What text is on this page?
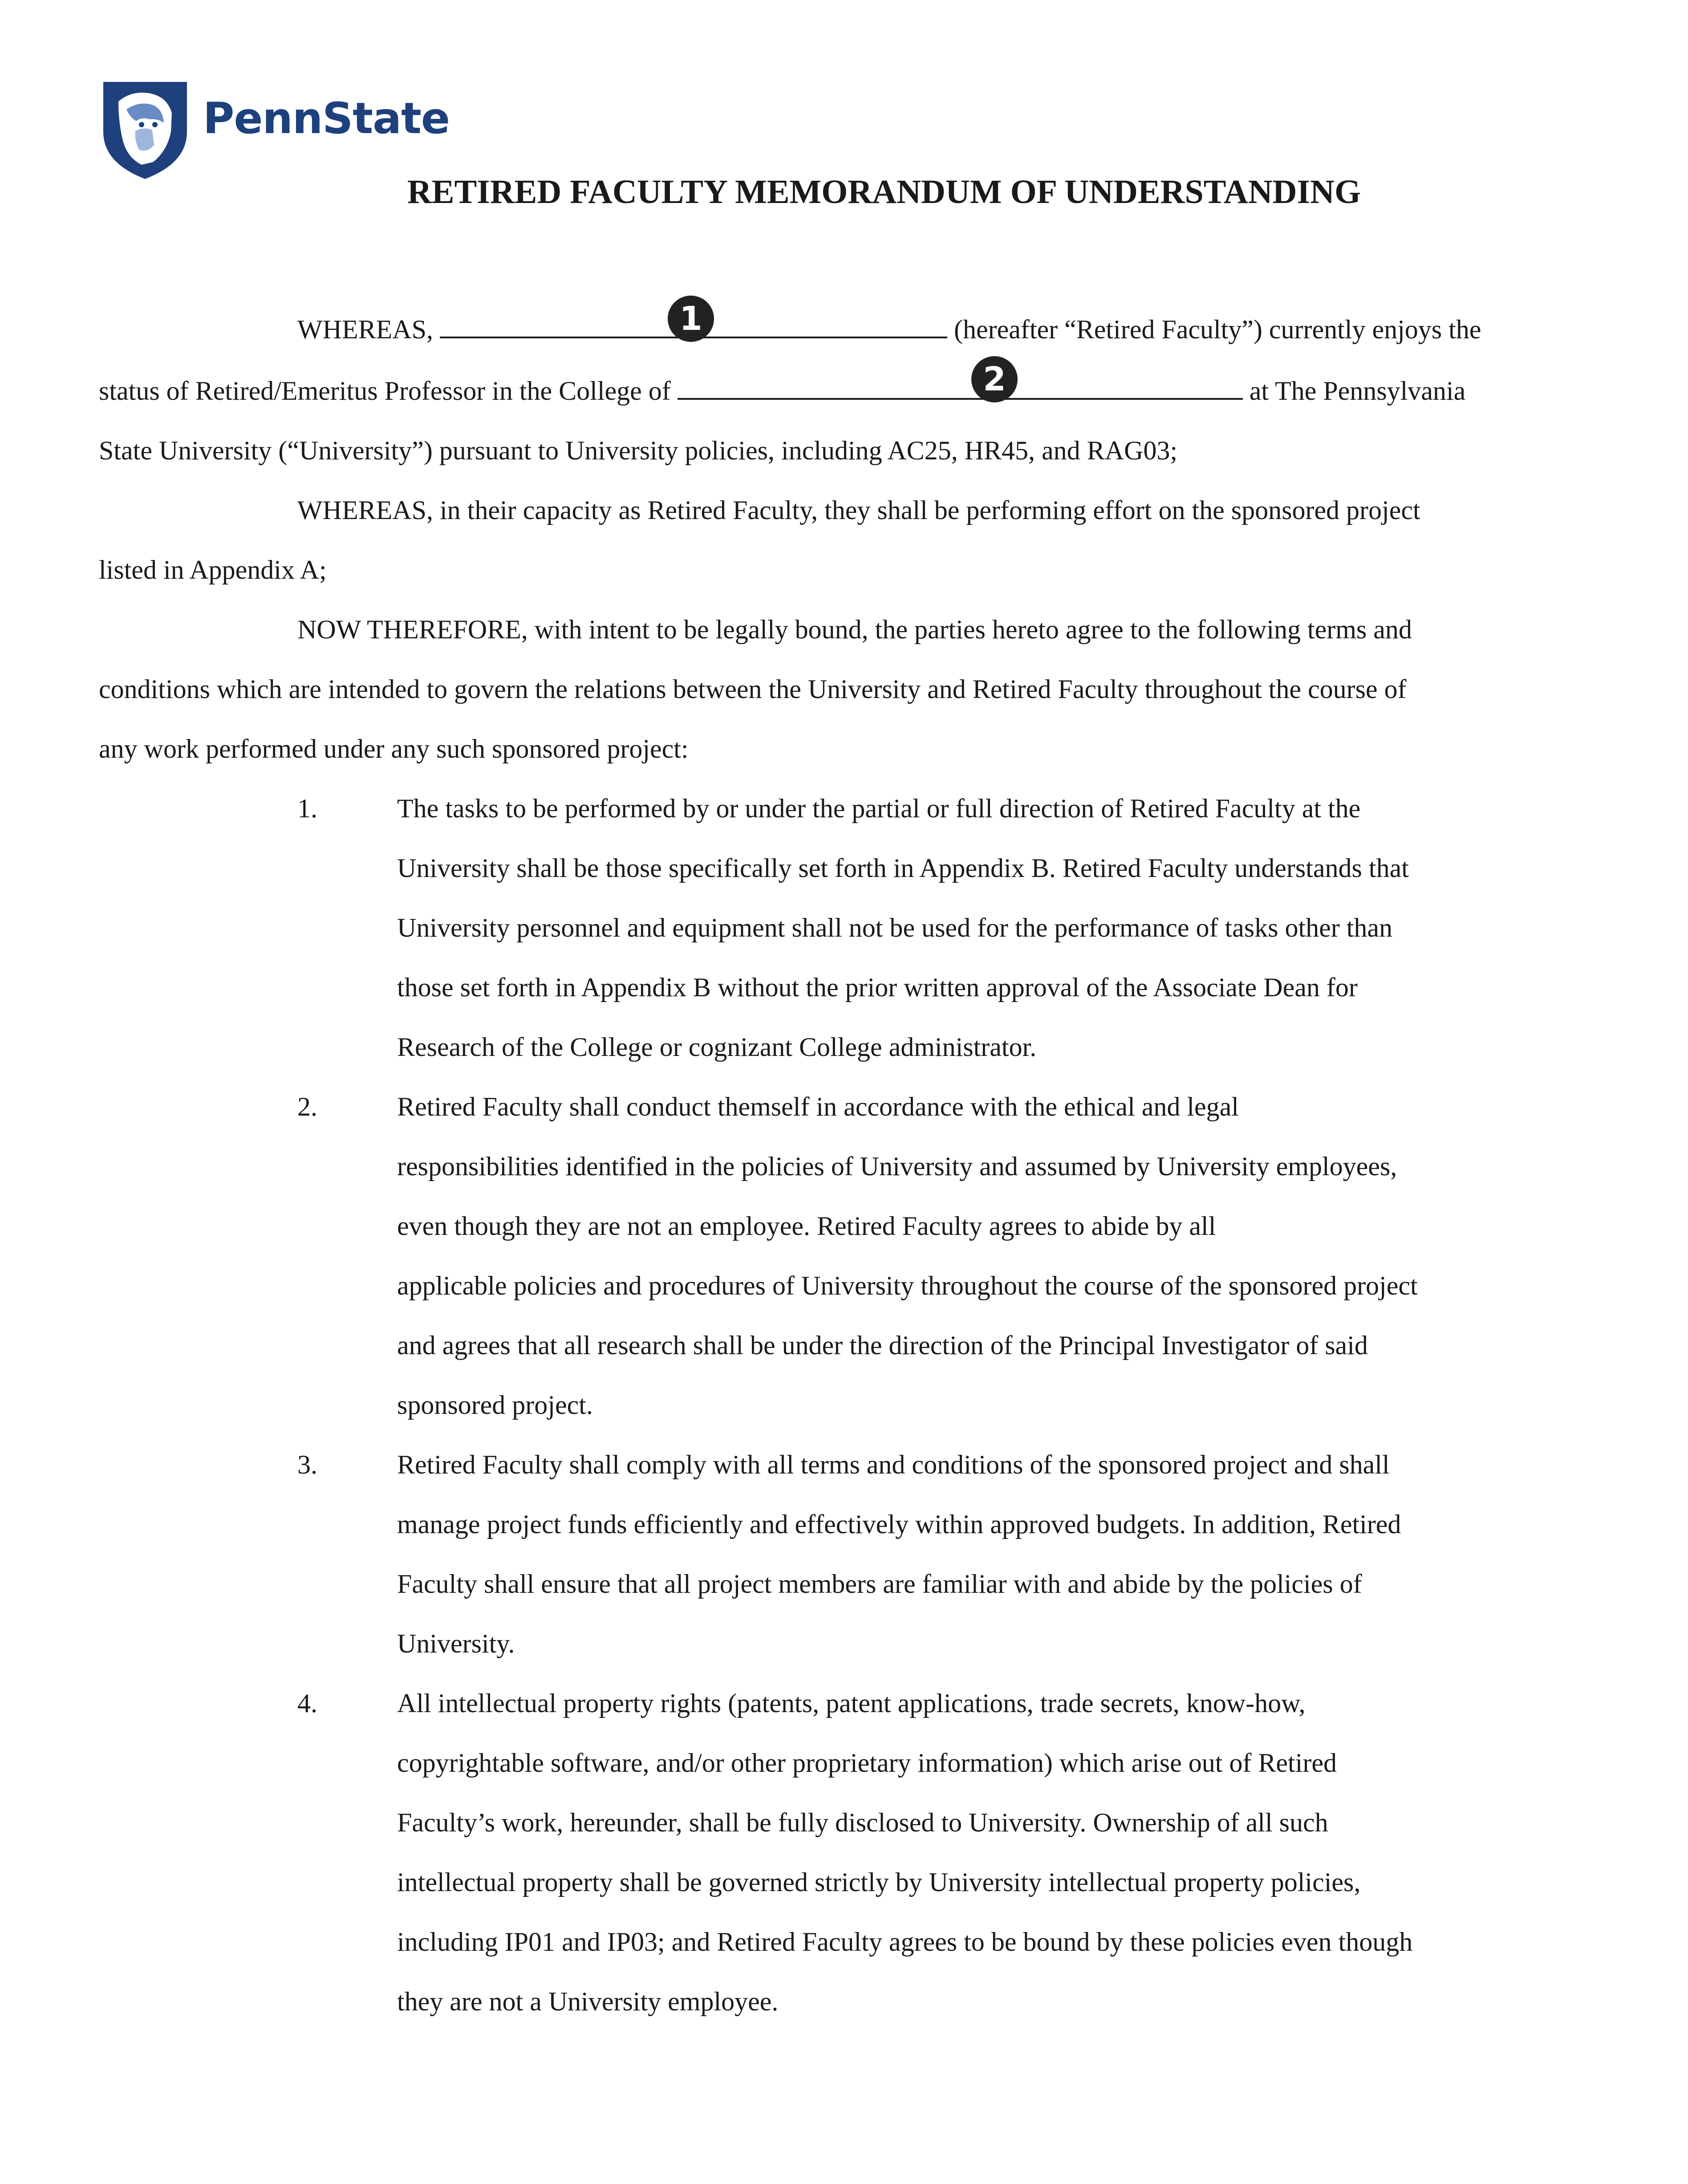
PennState
RETIRED FACULTY MEMORANDUM OF UNDERSTANDING
WHEREAS,	(hereafter “Retired Faculty”) currently enjoys the
1
status of Retired/Emeritus Professor in the College of	at The Pennsylvania
2
State University (“University”) pursuant to University policies, including AC25, HR45, and RAG03;
WHEREAS, in their capacity as Retired Faculty, they shall be performing effort on the sponsored project
listed in Appendix A;
NOW THEREFORE, with intent to be legally bound, the parties hereto agree to the following terms and
conditions which are intended to govern the relations between the University and Retired Faculty throughout the course of
any work performed under any such sponsored project:
1.	The tasks to be performed by or under the partial or full direction of Retired Faculty at the
University shall be those specifically set forth in Appendix B. Retired Faculty understands that
University personnel and equipment shall not be used for the performance of tasks other than
those set forth in Appendix B without the prior written approval of the Associate Dean for
Research of the College or cognizant College administrator.
2.	Retired Faculty shall conduct themself in accordance with the ethical and legal
responsibilities identified in the policies of University and assumed by University employees,
even though they are not an employee. Retired Faculty agrees to abide by all
applicable policies and procedures of University throughout the course of the sponsored project
and agrees that all research shall be under the direction of the Principal Investigator of said
sponsored project.
3.	Retired Faculty shall comply with all terms and conditions of the sponsored project and shall
manage project funds efficiently and effectively within approved budgets. In addition, Retired
Faculty shall ensure that all project members are familiar with and abide by the policies of
University.
4.	All intellectual property rights (patents, patent applications, trade secrets, know-how,
copyrightable software, and/or other proprietary information) which arise out of Retired
Faculty’s work, hereunder, shall be fully disclosed to University. Ownership of all such
intellectual property shall be governed strictly by University intellectual property policies,
including IP01 and IP03; and Retired Faculty agrees to be bound by these policies even though
they are not a University employee.
